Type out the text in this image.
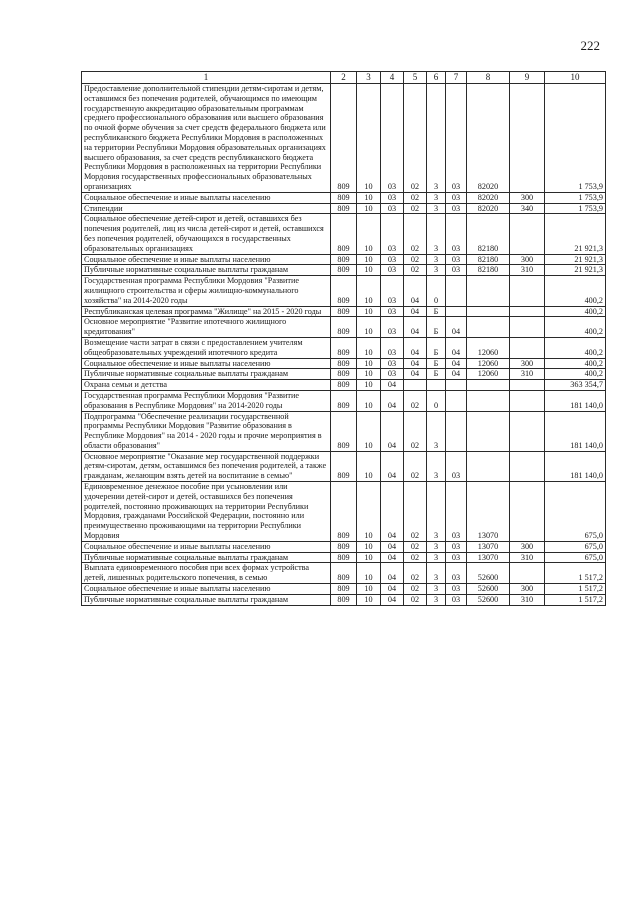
222
1	2	3	4	5	6	7	8	9	10
Предоставление дополнительной стипендии детям-сиротам и детям, оставшимся без попечения родителей, обучающимся по имеющим государственную аккредитацию образовательным программам среднего профессионального образования или высшего образования по очной форме обучения за счет средств федерального бюджета или республиканского бюджета Республики Мордовия в расположенных на территории Республики Мордовия образовательных организациях высшего образования, за счет средств республиканского бюджета Республики Мордовия в расположенных на территории Республики Мордовия государственных профессиональных образовательных организациях	809	10	03	02	3	03	82020		1 753,9
Социальное обеспечение и иные выплаты населению	809	10	03	02	3	03	82020	300	1 753,9
Стипендии	809	10	03	02	3	03	82020	340	1 753,9
Социальное обеспечение детей-сирот и детей, оставшихся без попечения родителей, лиц из числа детей-сирот и детей, оставшихся без попечения родителей, обучающихся в государственных образовательных организациях	809	10	03	02	3	03	82180		21 921,3
Социальное обеспечение и иные выплаты населению	809	10	03	02	3	03	82180	300	21 921,3
Публичные нормативные социальные выплаты гражданам	809	10	03	02	3	03	82180	310	21 921,3
Государственная программа Республики Мордовия "Развитие жилищного строительства и сферы жилищно-коммунального хозяйства" на 2014-2020 годы	809	10	03	04	0				400,2
Республиканская целевая программа "Жилище" на 2015 - 2020 годы	809	10	03	04	Б				400,2
Основное мероприятие "Развитие ипотечного жилищного кредитования"	809	10	03	04	Б	04			400,2
Возмещение части затрат в связи с предоставлением учителям общеобразовательных учреждений ипотечного кредита	809	10	03	04	Б	04	12060		400,2
Социальное обеспечение и иные выплаты населению	809	10	03	04	Б	04	12060	300	400,2
Публичные нормативные социальные выплаты гражданам	809	10	03	04	Б	04	12060	310	400,2
Охрана семьи и детства	809	10	04						363 354,7
Государственная программа Республики Мордовия "Развитие образования в Республике Мордовия" на 2014-2020 годы	809	10	04	02	0				181 140,0
Подпрограмма "Обеспечение реализации государственной программы Республики Мордовия "Развитие образования в Республике Мордовия" на 2014 - 2020 годы и прочие мероприятия в области образования"	809	10	04	02	3				181 140,0
Основное мероприятие "Оказание мер государственной поддержки детям-сиротам, детям, оставшимся без попечения родителей, а также гражданам, желающим взять детей на воспитание в семью"	809	10	04	02	3	03			181 140,0
Единовременное денежное пособие при усыновлении или удочерении детей-сирот и детей, оставшихся без попечения родителей, постоянно проживающих на территории Республики Мордовия, гражданами Российской Федерации, постоянно или преимущественно проживающими на территории Республики Мордовия	809	10	04	02	3	03	13070		675,0
Социальное обеспечение и иные выплаты населению	809	10	04	02	3	03	13070	300	675,0
Публичные нормативные социальные выплаты гражданам	809	10	04	02	3	03	13070	310	675,0
Выплата единовременного пособия при всех формах устройства детей, лишенных родительского попечения, в семью	809	10	04	02	3	03	52600		1 517,2
Социальное обеспечение и иные выплаты населению	809	10	04	02	3	03	52600	300	1 517,2
Публичные нормативные социальные выплаты гражданам	809	10	04	02	3	03	52600	310	1 517,2
